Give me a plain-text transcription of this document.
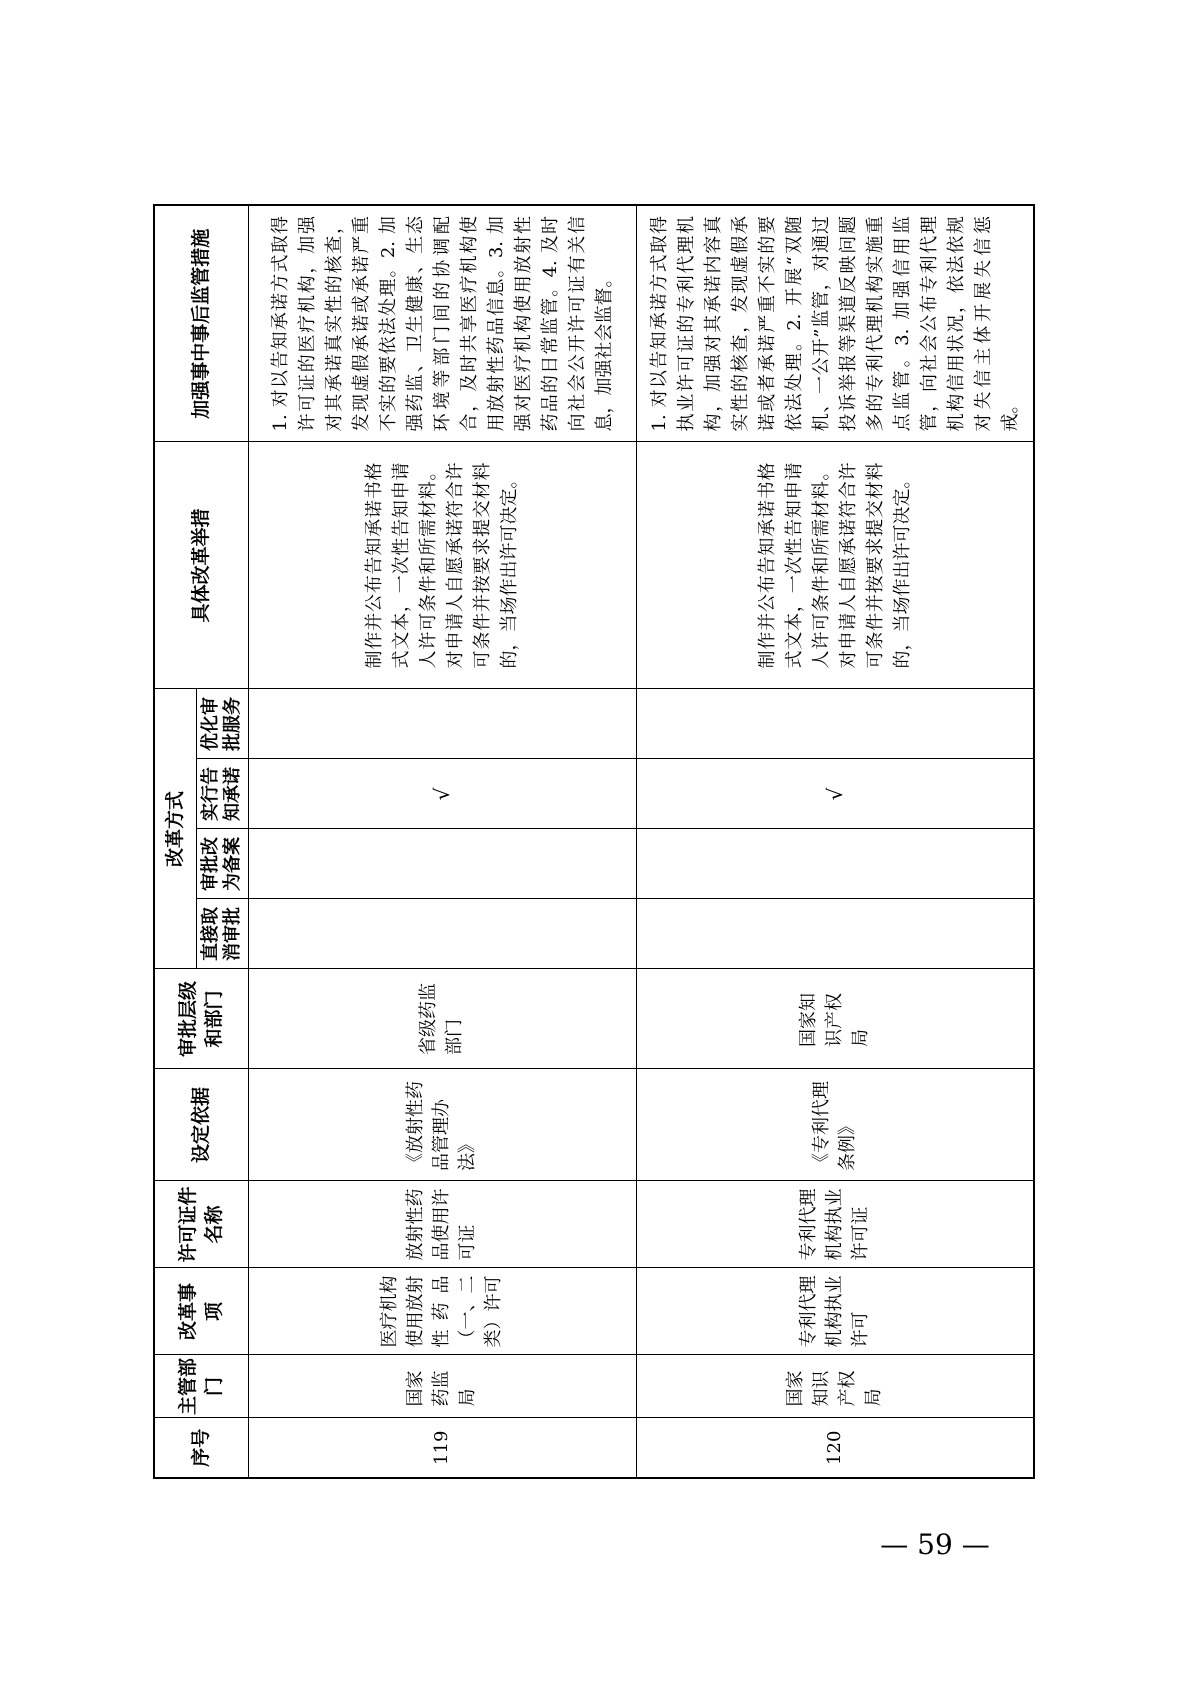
序号	主管部门	改革事项	许可证件名称	设定依据	审批层级和部门	改革方式				具体改革举措	加强事中事后监管措施
						直接取消审批	审批改为备案	实行告知承诺	优化审批服务		
119	国家药监局	医疗机构使用放射性药品（一、二类）许可	放射性药品使用许可证	《放射性药品管理办法》	省级药监部门			√		制作并公布告知承诺书格式文本，一次性告知申请人许可条件和所需材料。对申请人自愿承诺符合许可条件并按要求提交材料的，当场作出许可决定。	1. 对以告知承诺方式取得许可证的医疗机构，加强对其承诺真实性的核查，发现虚假承诺或承诺严重不实的要依法处理。2. 加强药监、卫生健康、生态环境等部门间的协调配合，及时共享医疗机构使用放射性药品信息。3. 加强对医疗机构使用放射性药品的日常监管。4. 及时向社会公开许可证有关信息，加强社会监督。

120	国家知识产权局	专利代理机构执业许可	专利代理机构执业许可证	《专利代理条例》	国家知识产权局			√		制作并公布告知承诺书格式文本，一次性告知申请人许可条件和所需材料。对申请人自愿承诺符合许可条件并按要求提交材料的，当场作出许可决定。	1. 对以告知承诺方式取得执业许可证的专利代理机构，加强对其承诺内容真实性的核查，发现虚假承诺或者承诺严重不实的要依法处理。2. 开展“双随机、一公开”监管，对通过投诉举报等渠道反映问题多的专利代理机构实施重点监管。3. 加强信用监管，向社会公布专利代理机构信用状况，依法依规对失信主体开展失信惩戒。
— 59 —
